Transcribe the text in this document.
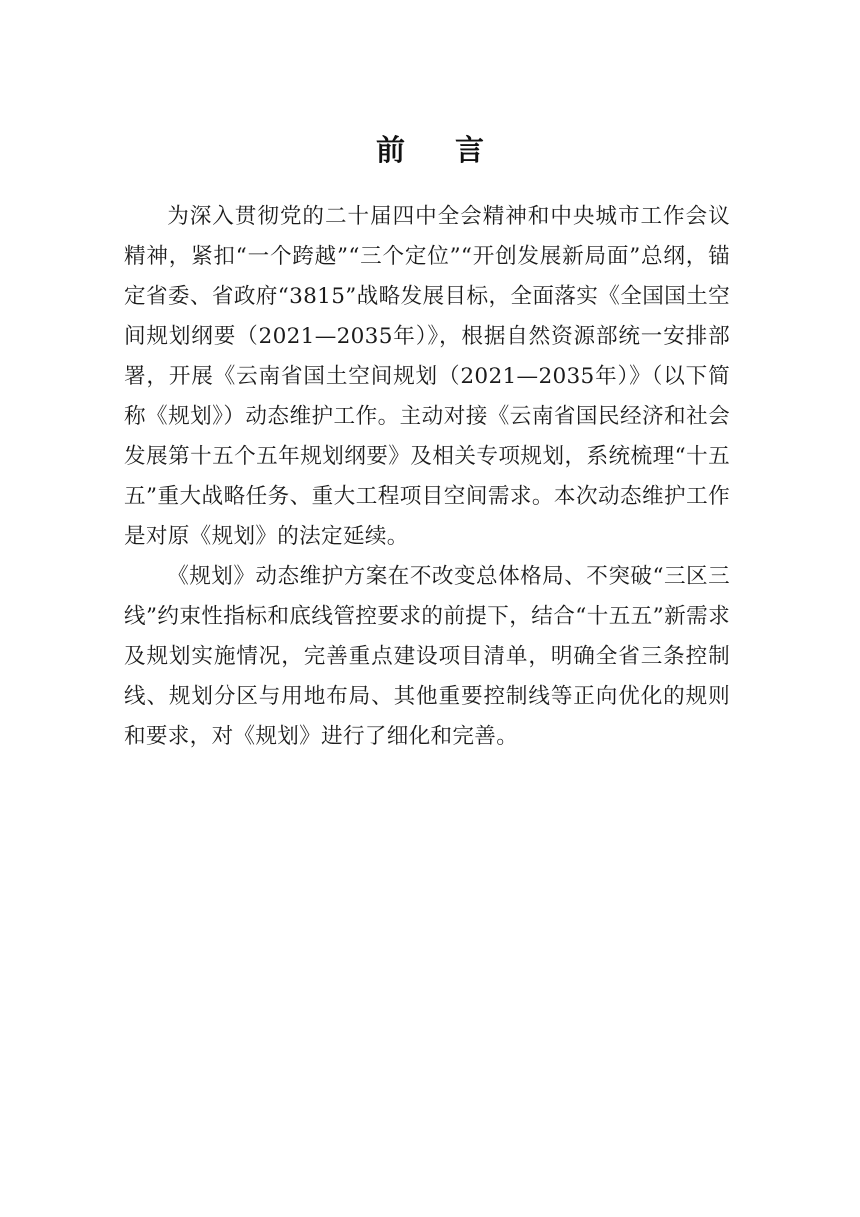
前 言

为深入贯彻党的二十届四中全会精神和中央城市工作会议精神，紧扣“一个跨越”“三个定位”“开创发展新局面”总纲，锚定省委、省政府“3815”战略发展目标，全面落实《全国国土空间规划纲要（2021—2035年）》，根据自然资源部统一安排部署，开展《云南省国土空间规划（2021—2035年）》（以下简称《规划》）动态维护工作。主动对接《云南省国民经济和社会发展第十五个五年规划纲要》及相关专项规划，系统梳理“十五五”重大战略任务、重大工程项目空间需求。本次动态维护工作是对原《规划》的法定延续。

《规划》动态维护方案在不改变总体格局、不突破“三区三线”约束性指标和底线管控要求的前提下，结合“十五五”新需求及规划实施情况，完善重点建设项目清单，明确全省三条控制线、规划分区与用地布局、其他重要控制线等正向优化的规则和要求，对《规划》进行了细化和完善。
